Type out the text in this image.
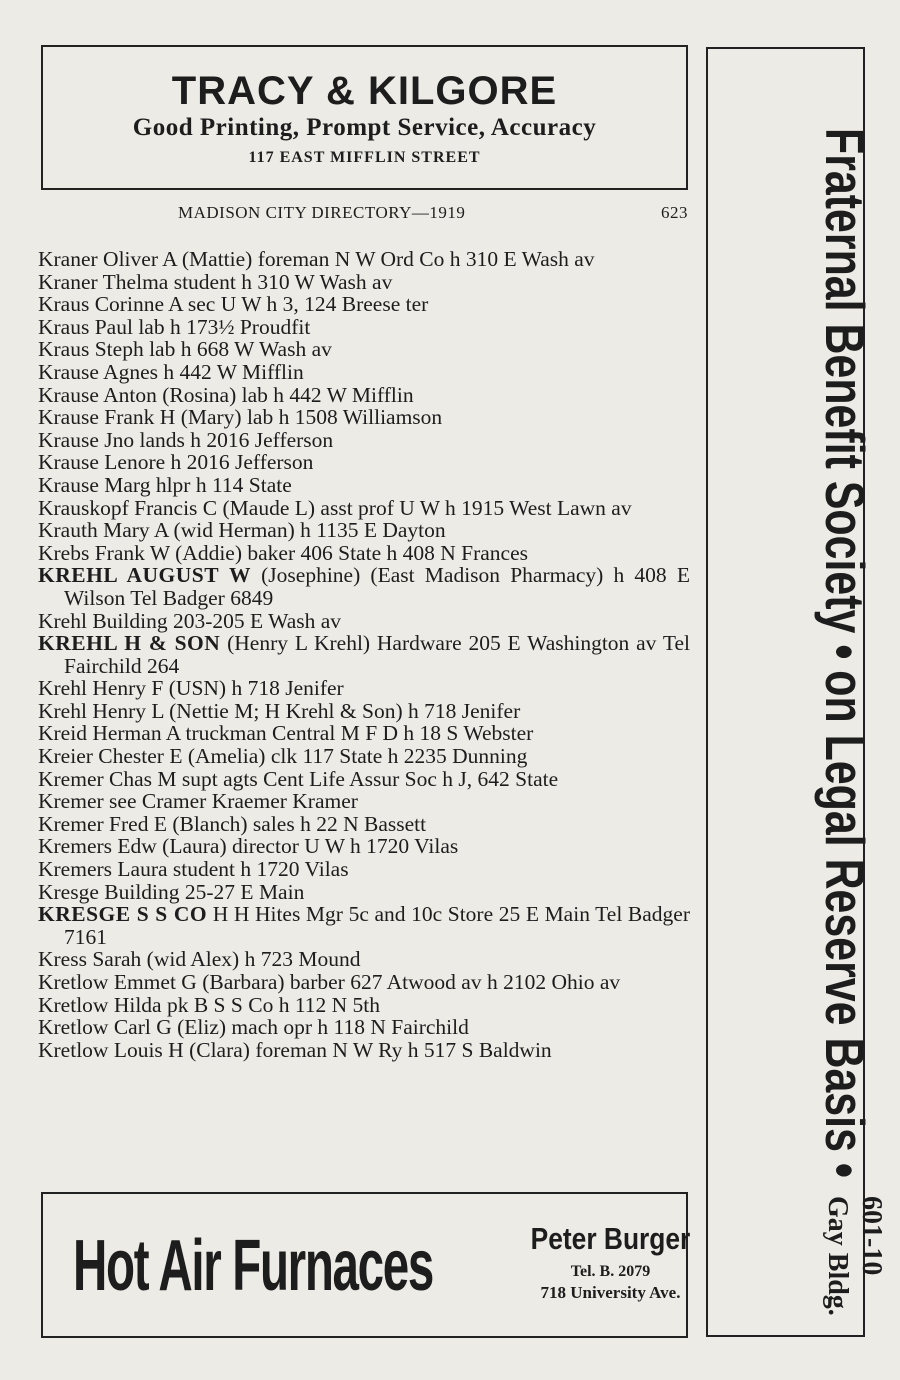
TRACY & KILGORE
Good Printing, Prompt Service, Accuracy
117 EAST MIFFLIN STREET
MADISON CITY DIRECTORY—1919	623
Kraner Oliver A (Mattie) foreman N W Ord Co h 310 E Wash av
Kraner Thelma student h 310 W Wash av
Kraus Corinne A sec U W h 3, 124 Breese ter
Kraus Paul lab h 173½ Proudfit
Kraus Steph lab h 668 W Wash av
Krause Agnes h 442 W Mifflin
Krause Anton (Rosina) lab h 442 W Mifflin
Krause Frank H (Mary) lab h 1508 Williamson
Krause Jno lands h 2016 Jefferson
Krause Lenore h 2016 Jefferson
Krause Marg hlpr h 114 State
Krauskopf Francis C (Maude L) asst prof U W h 1915 West Lawn av
Krauth Mary A (wid Herman) h 1135 E Dayton
Krebs Frank W (Addie) baker 406 State h 408 N Frances
KREHL AUGUST W (Josephine) (East Madison Pharmacy) h 408 E Wilson Tel Badger 6849
Krehl Building 203-205 E Wash av
KREHL H & SON (Henry L Krehl) Hardware 205 E Washington av Tel Fairchild 264
Krehl Henry F (USN) h 718 Jenifer
Krehl Henry L (Nettie M; H Krehl & Son) h 718 Jenifer
Kreid Herman A truckman Central M F D h 18 S Webster
Kreier Chester E (Amelia) clk 117 State h 2235 Dunning
Kremer Chas M supt agts Cent Life Assur Soc h J, 642 State
Kremer see Cramer Kraemer Kramer
Kremer Fred E (Blanch) sales h 22 N Bassett
Kremers Edw (Laura) director U W h 1720 Vilas
Kremers Laura student h 1720 Vilas
Kresge Building 25-27 E Main
KRESGE S S CO H H Hites Mgr 5c and 10c Store 25 E Main Tel Badger 7161
Kress Sarah (wid Alex) h 723 Mound
Kretlow Emmet G (Barbara) barber 627 Atwood av h 2102 Ohio av
Kretlow Hilda pk B S S Co h 112 N 5th
Kretlow Carl G (Eliz) mach opr h 118 N Fairchild
Kretlow Louis H (Clara) foreman N W Ry h 517 S Baldwin
Hot Air Furnaces	Peter Burger
Tel. B. 2079
718 University Ave.
Fraternal Benefit Society•on Legal Reserve Basis•
601-10
Gay Bldg.
